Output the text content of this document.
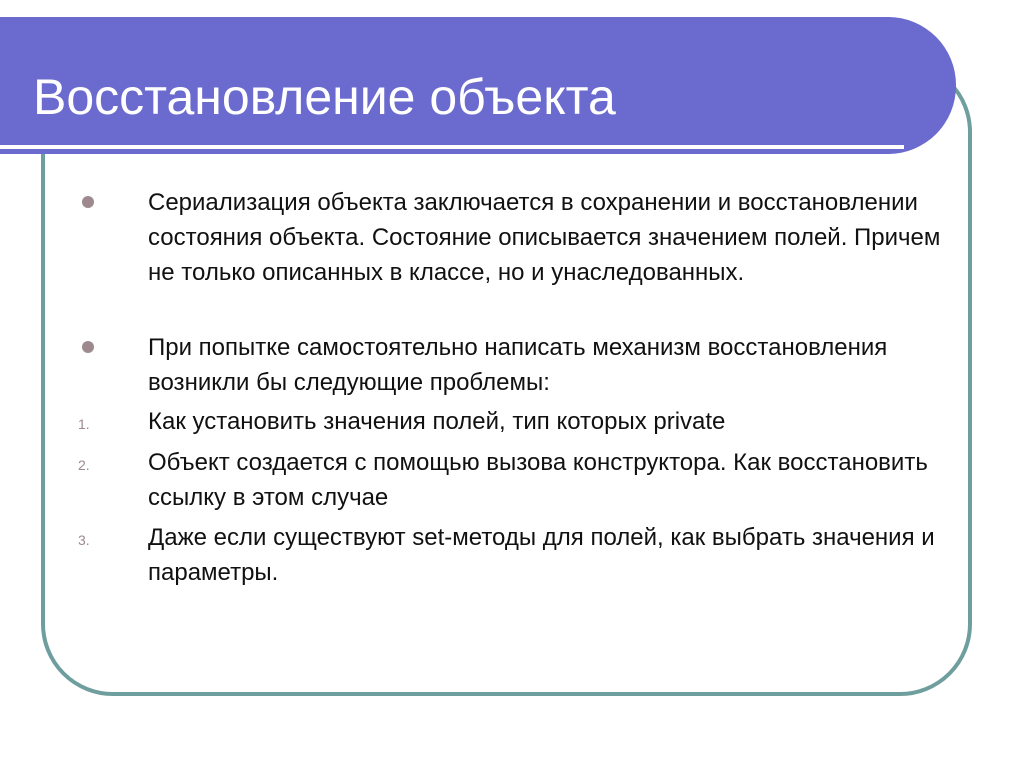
Восстановление объекта
Сериализация объекта заключается в сохранении и восстановлении состояния объекта. Состояние описывается значением полей. Причем не только описанных в классе, но и унаследованных.
При попытке самостоятельно написать механизм восстановления возникли бы следующие проблемы:
1. Как установить значения полей, тип которых private
2. Объект создается с помощью вызова конструктора. Как восстановить ссылку в этом случае
3. Даже если существуют set-методы для полей, как выбрать значения и параметры.
